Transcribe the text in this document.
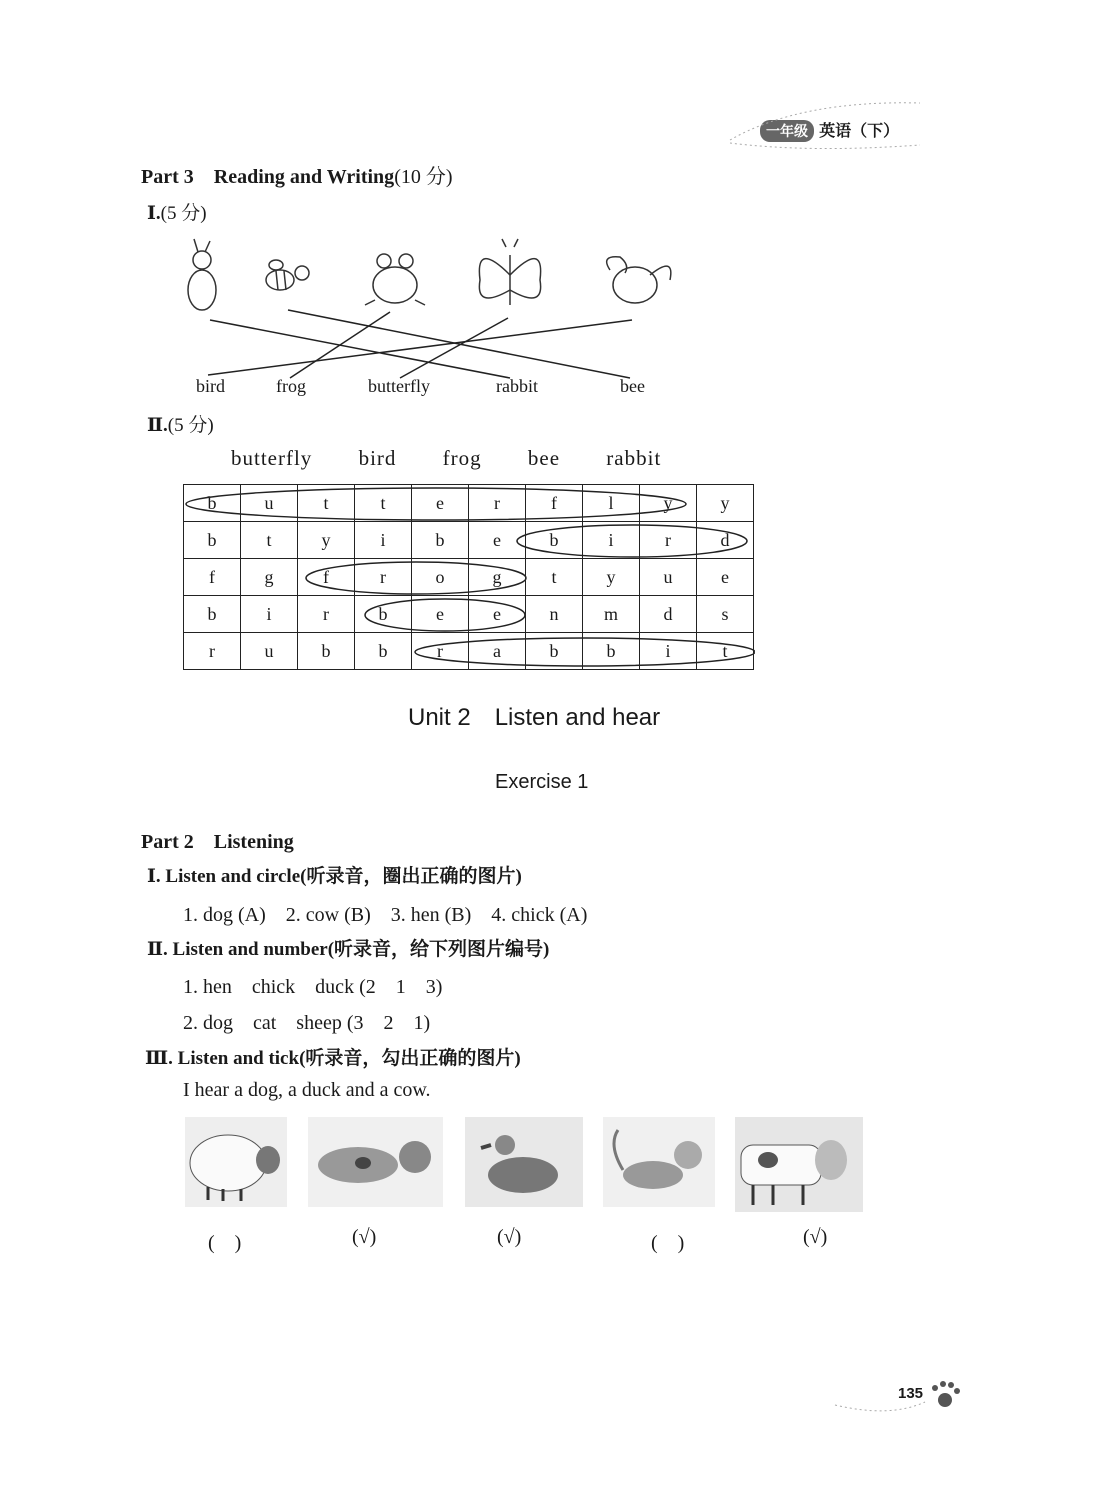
一年级 英语（下）
Part 3　Reading and Writing(10 分)
Ⅰ.(5 分)
bird	frog	butterfly	rabbit	bee
Ⅱ.(5 分)
butterfly bird frog bee rabbit
b	u	t	t	e	r	f	l	y	y
b	t	y	i	b	e	b	i	r	d
f	g	f	r	o	g	t	y	u	e
b	i	r	b	e	e	n	m	d	s
r	u	b	b	r	a	b	b	i	t
Unit 2　Listen and hear
Exercise 1
Part 2　Listening
Ⅰ. Listen and circle(听录音，圈出正确的图片)
1. dog (A)　2. cow (B)　3. hen (B)　4. chick (A)
Ⅱ. Listen and number(听录音，给下列图片编号)
1. hen　chick　duck (2　1　3)
2. dog　cat　sheep (3　2　1)
Ⅲ. Listen and tick(听录音，勾出正确的图片)
I hear a dog, a duck and a cow.
(　)	(√)	(√)	(　)	(√)
135
